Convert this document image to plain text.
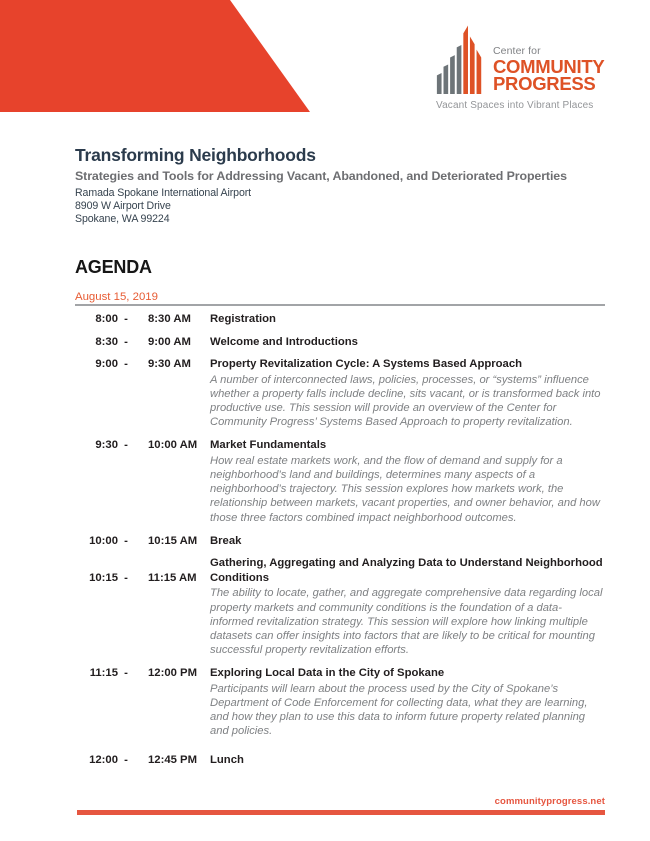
Center for
COMMUNITY
PROGRESS
Vacant Spaces into Vibrant Places
Transforming Neighborhoods
Strategies and Tools for Addressing Vacant, Abandoned, and Deteriorated Properties
Ramada Spokane International Airport
8909 W Airport Drive
Spokane, WA 99224
AGENDA
August 15, 2019
8:00 -	8:30 AM	Registration
8:30 -	9:00 AM	Welcome and Introductions
9:00 -	9:30 AM	Property Revitalization Cycle: A Systems Based Approach
A number of interconnected laws, policies, processes, or “systems” influence whether a property falls include decline, sits vacant, or is transformed back into productive use. This session will provide an overview of the Center for Community Progress’ Systems Based Approach to property revitalization.
9:30 -	10:00 AM	Market Fundamentals
How real estate markets work, and the flow of demand and supply for a neighborhood’s land and buildings, determines many aspects of a neighborhood’s trajectory. This session explores how markets work, the relationship between markets, vacant properties, and owner behavior, and how those three factors combined impact neighborhood outcomes.
10:00 -	10:15 AM	Break
10:15 -	11:15 AM
Gathering, Aggregating and Analyzing Data to Understand Neighborhood Conditions
The ability to locate, gather, and aggregate comprehensive data regarding local property markets and community conditions is the foundation of a data-informed revitalization strategy. This session will explore how linking multiple datasets can offer insights into factors that are likely to be critical for mounting successful property revitalization efforts.
11:15 -	12:00 PM	Exploring Local Data in the City of Spokane
Participants will learn about the process used by the City of Spokane’s Department of Code Enforcement for collecting data, what they are learning, and how they plan to use this data to inform future property related planning and policies.
12:00 -	12:45 PM	Lunch
communityprogress.net
